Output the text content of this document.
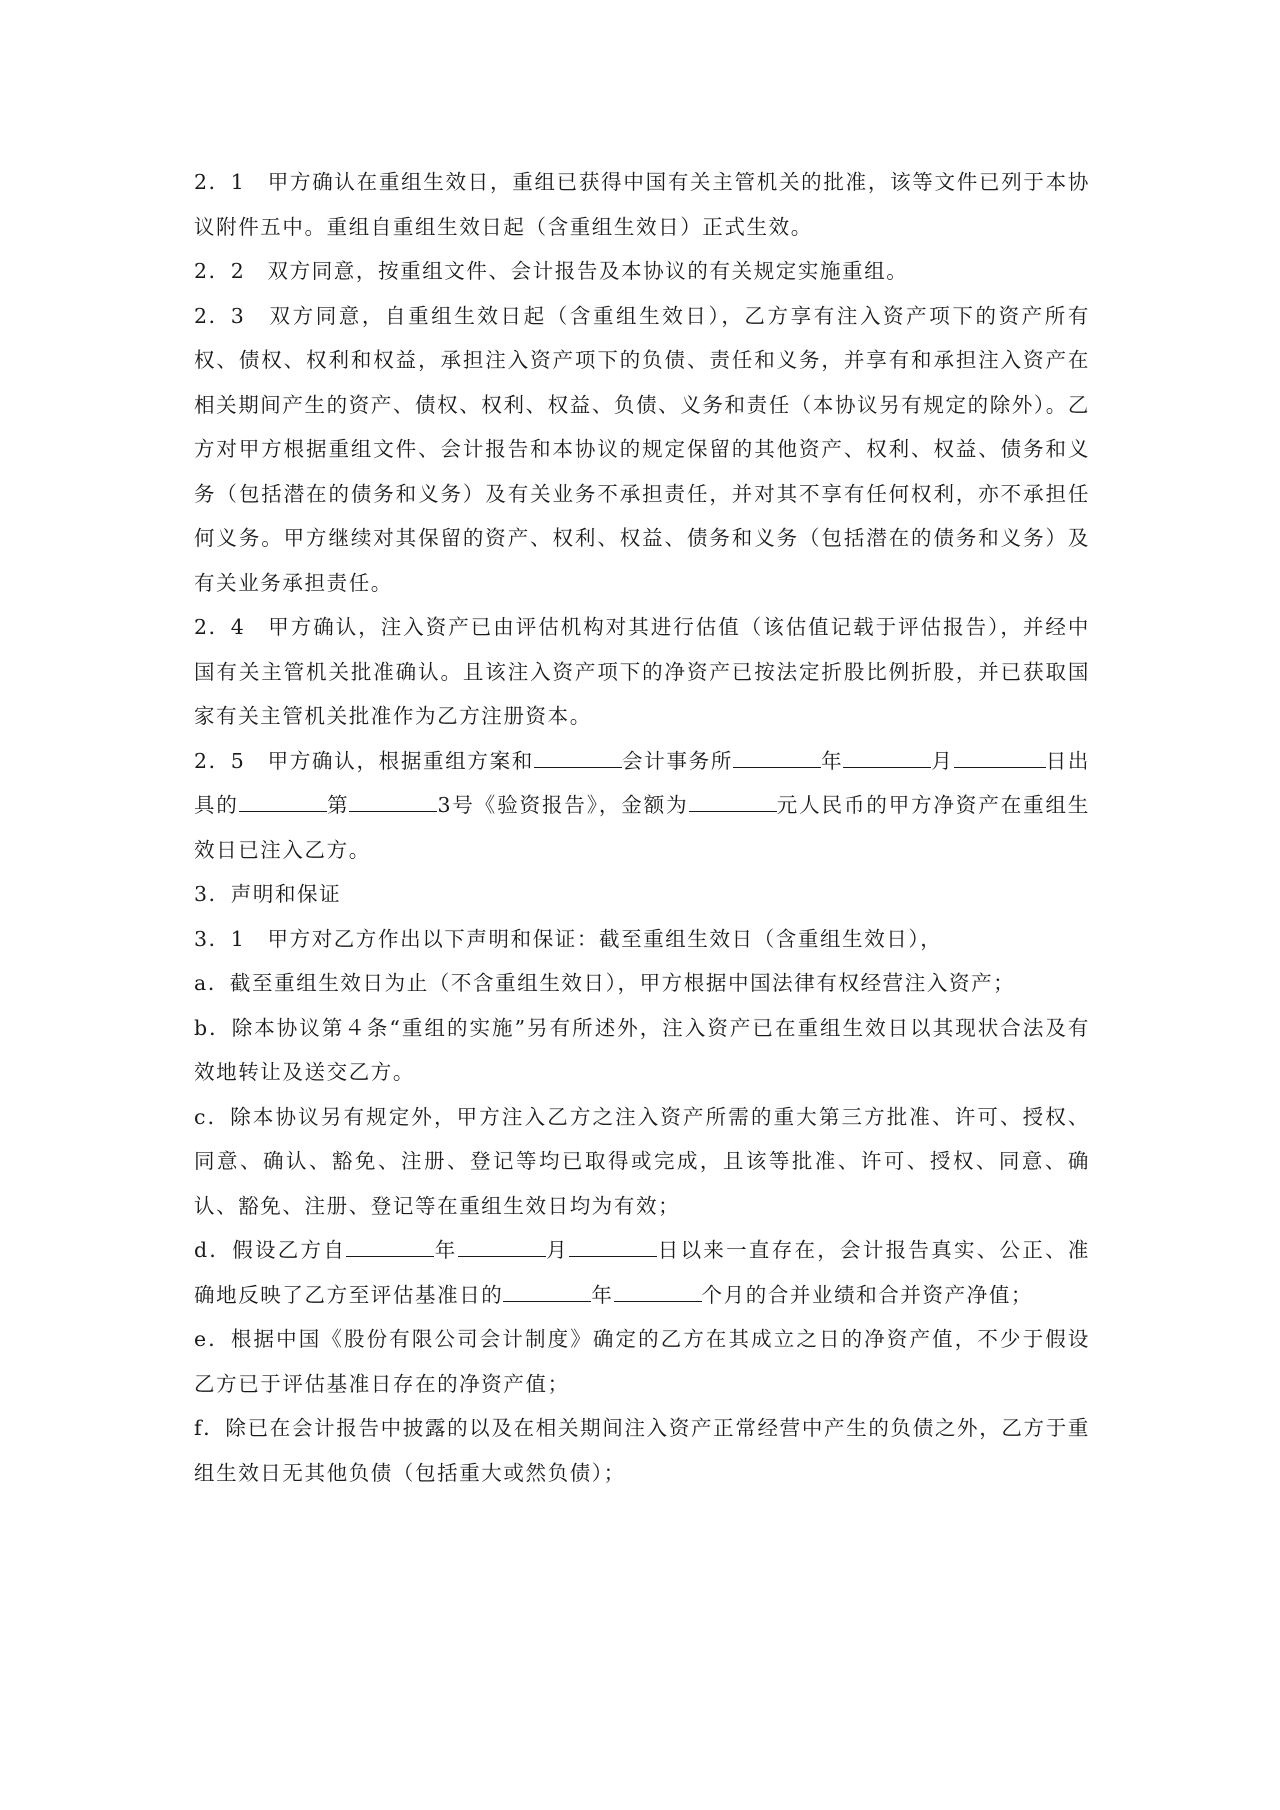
2．1　甲方确认在重组生效日，重组已获得中国有关主管机关的批准，该等文件已列于本协议附件五中。重组自重组生效日起（含重组生效日）正式生效。

2．2　双方同意，按重组文件、会计报告及本协议的有关规定实施重组。

2．3　双方同意，自重组生效日起（含重组生效日），乙方享有注入资产项下的资产所有权、债权、权利和权益，承担注入资产项下的负债、责任和义务，并享有和承担注入资产在相关期间产生的资产、债权、权利、权益、负债、义务和责任（本协议另有规定的除外）。乙方对甲方根据重组文件、会计报告和本协议的规定保留的其他资产、权利、权益、债务和义务（包括潜在的债务和义务）及有关业务不承担责任，并对其不享有任何权利，亦不承担任何义务。甲方继续对其保留的资产、权利、权益、债务和义务（包括潜在的债务和义务）及有关业务承担责任。

2．4　甲方确认，注入资产已由评估机构对其进行估值（该估值记载于评估报告），并经中国有关主管机关批准确认。且该注入资产项下的净资产已按法定折股比例折股，并已获取国家有关主管机关批准作为乙方注册资本。

2．5　甲方确认，根据重组方案和	会计事务所	年	月	日出具的	第	3号《验资报告》，金额为	元人民币的甲方净资产在重组生效日已注入乙方。

3．声明和保证

3．1　甲方对乙方作出以下声明和保证：截至重组生效日（含重组生效日），

a．截至重组生效日为止（不含重组生效日），甲方根据中国法律有权经营注入资产；

b．除本协议第４条“重组的实施”另有所述外，注入资产已在重组生效日以其现状合法及有效地转让及送交乙方。

c．除本协议另有规定外，甲方注入乙方之注入资产所需的重大第三方批准、许可、授权、同意、确认、豁免、注册、登记等均已取得或完成，且该等批准、许可、授权、同意、确认、豁免、注册、登记等在重组生效日均为有效；

d．假设乙方自	年	月	日以来一直存在，会计报告真实、公正、准确地反映了乙方至评估基准日的	年	个月的合并业绩和合并资产净值；

e．根据中国《股份有限公司会计制度》确定的乙方在其成立之日的净资产值，不少于假设乙方已于评估基准日存在的净资产值；

f．除已在会计报告中披露的以及在相关期间注入资产正常经营中产生的负债之外，乙方于重组生效日无其他负债（包括重大或然负债）；
